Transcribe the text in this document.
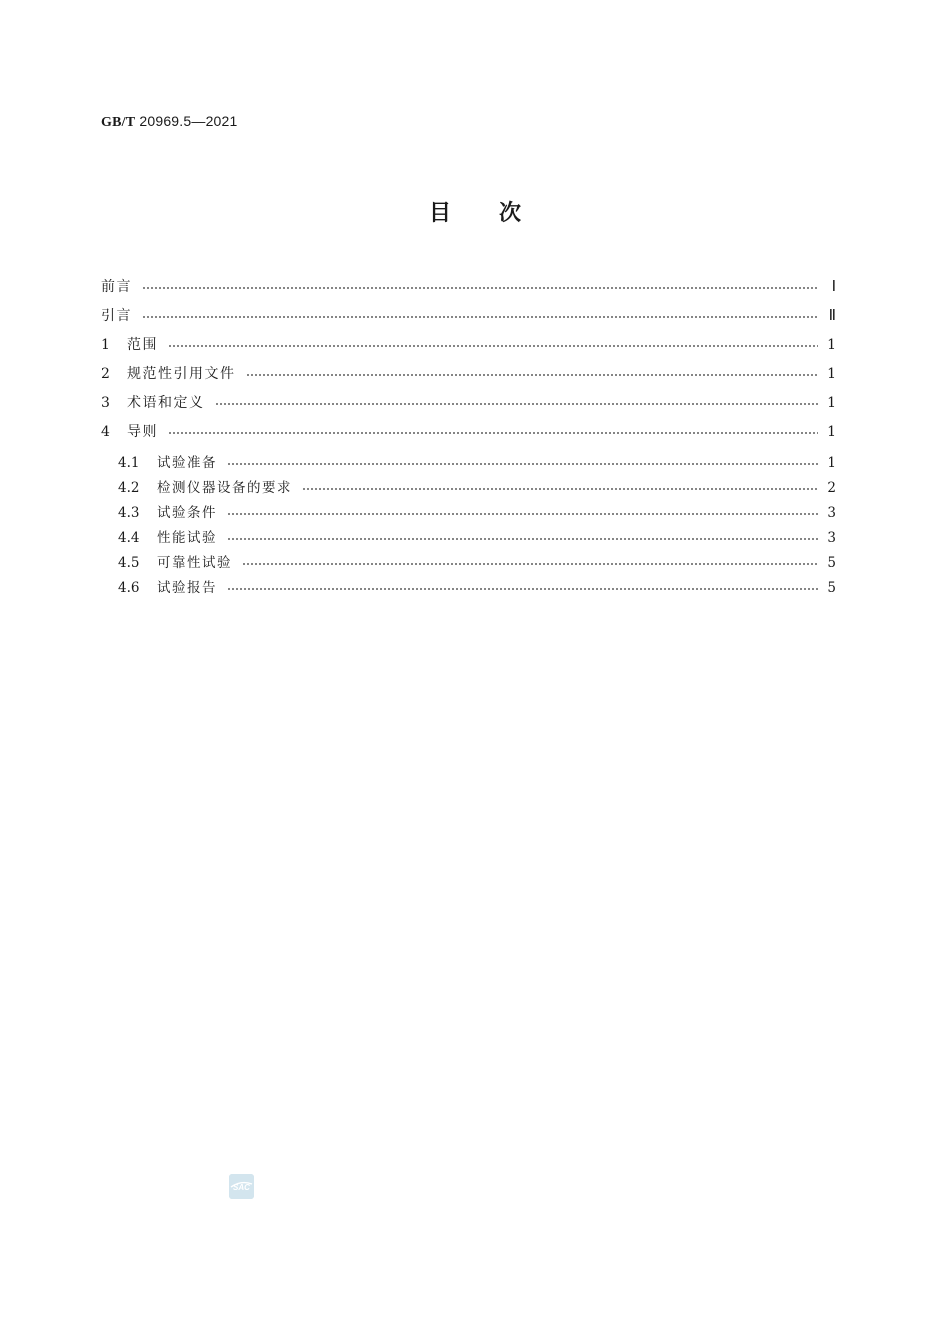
GB/T 20969.5—2021
目 次
前言	Ⅰ
引言	Ⅱ
1	范围	1
2	规范性引用文件	1
3	术语和定义	1
4	导则	1
4.1	试验准备	1
4.2	检测仪器设备的要求	2
4.3	试验条件	3
4.4	性能试验	3
4.5	可靠性试验	5
4.6	试验报告	5
SAC
